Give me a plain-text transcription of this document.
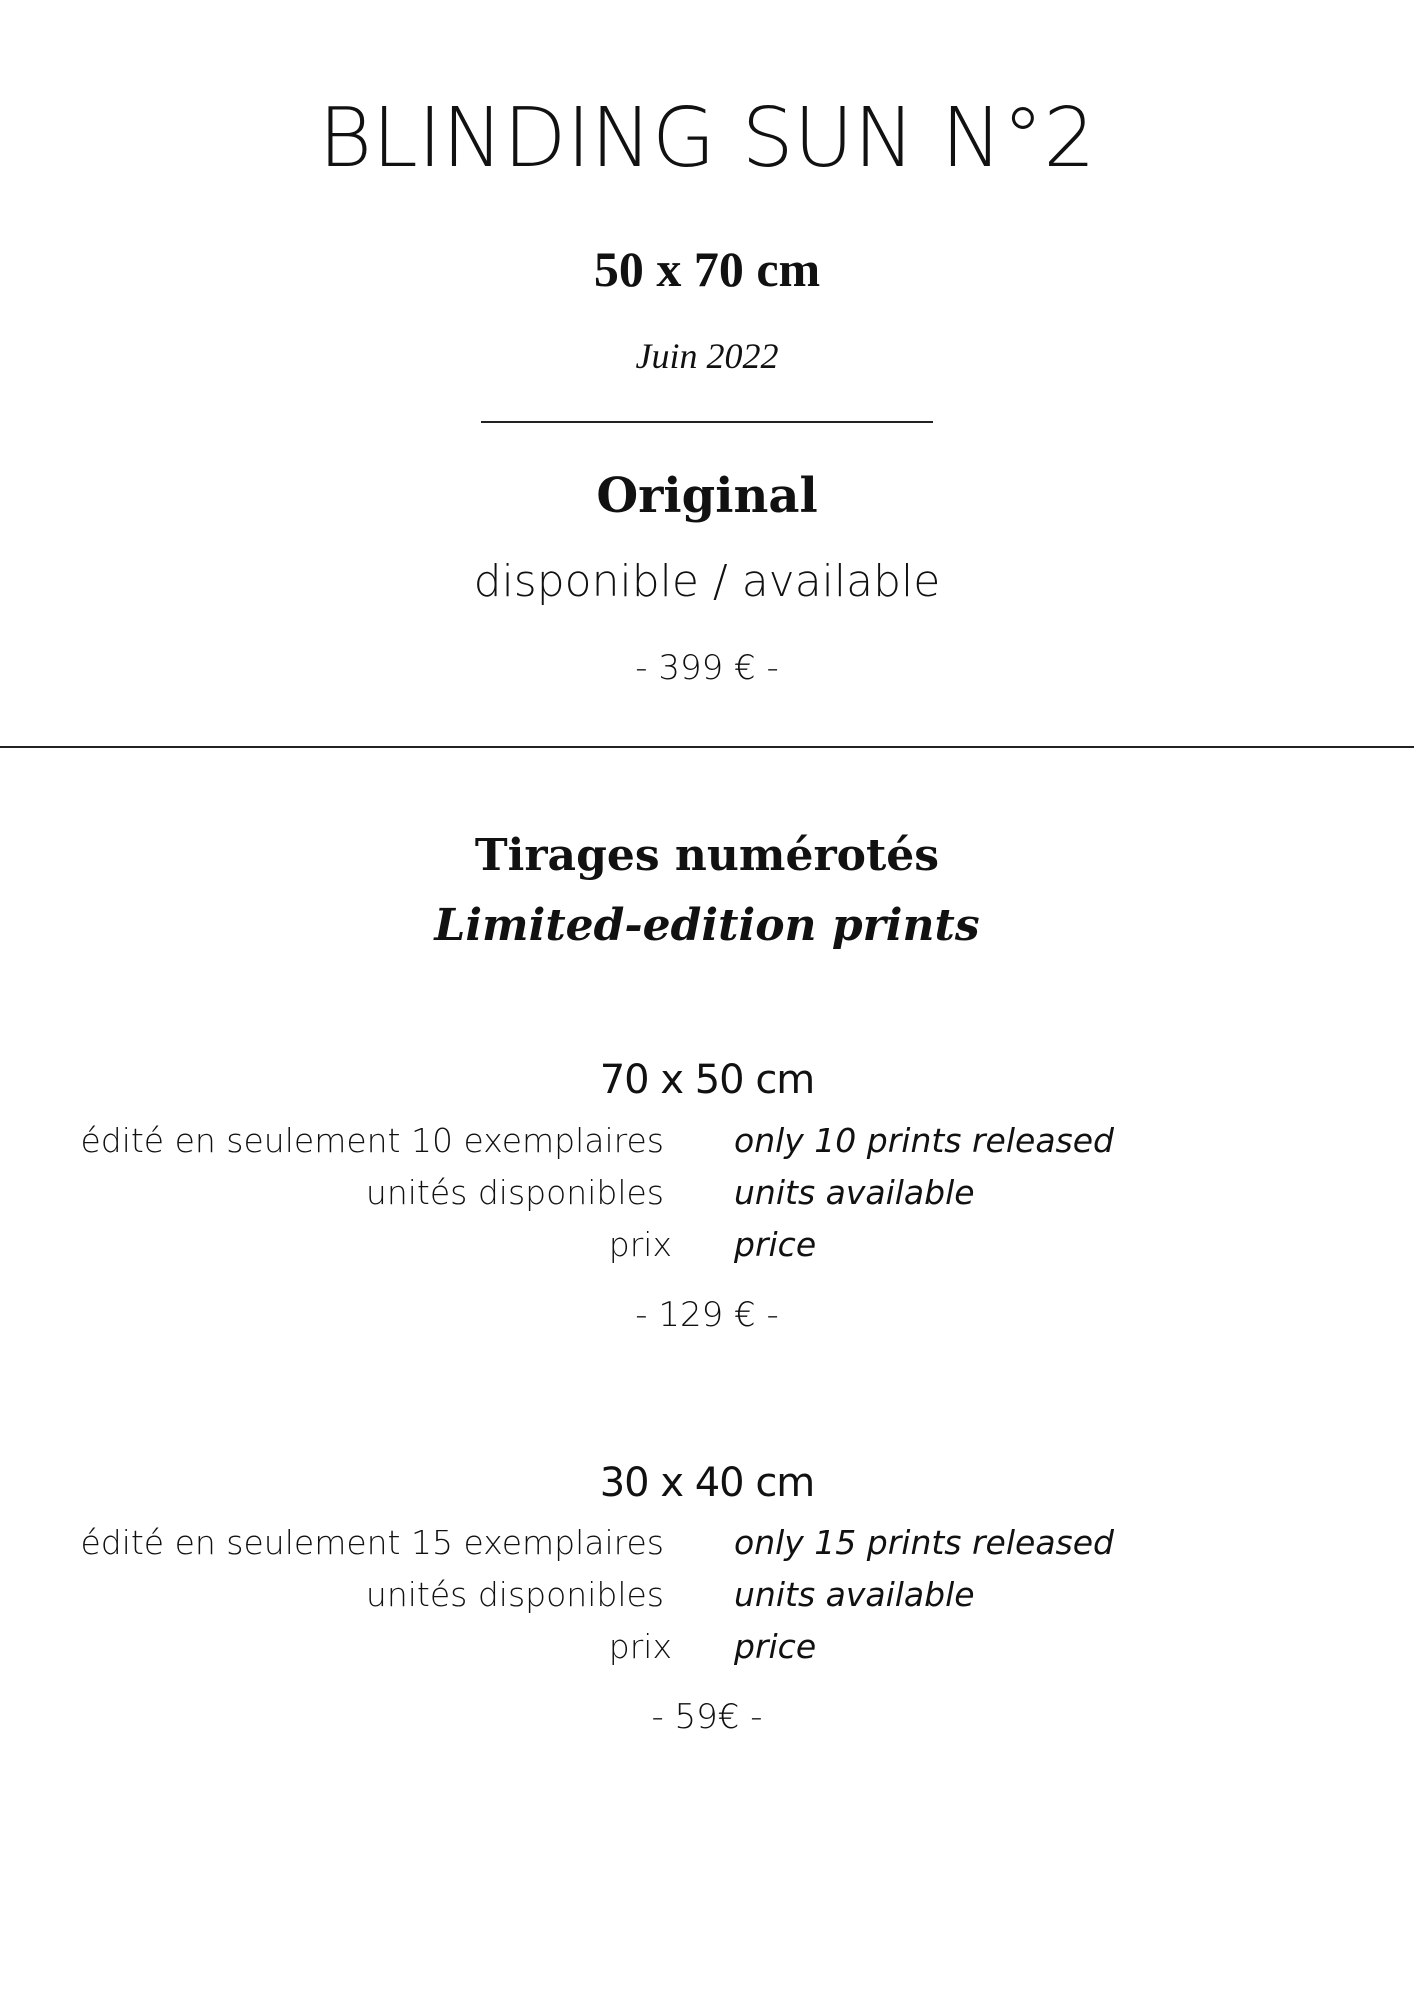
BLINDING SUN N°2
50 x 70 cm
Juin 2022
Original
disponible / available
- 399 € -
Tirages numérotés
Limited-edition prints
70 x 50 cm
édité en seulement 10 exemplaires only 10 prints released
unités disponibles units available
prix price
- 129 € -
30 x 40 cm
édité en seulement 15 exemplaires only 15 prints released
unités disponibles units available
prix price
- 59€ -
